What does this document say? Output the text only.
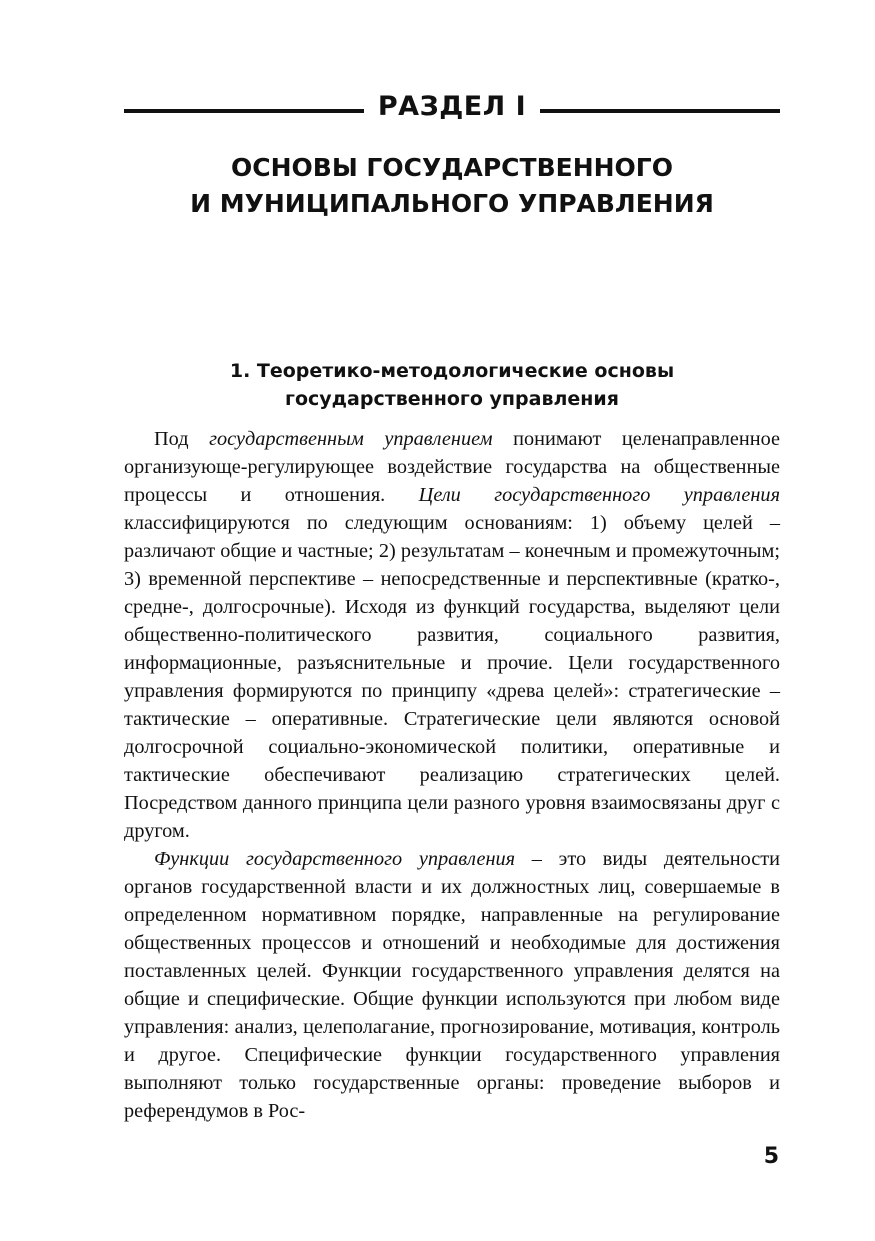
РАЗДЕЛ I
ОСНОВЫ ГОСУДАРСТВЕННОГО
И МУНИЦИПАЛЬНОГО УПРАВЛЕНИЯ
1. Теоретико-методологические основы
государственного управления

Под государственным управлением понимают целенаправленное организующе-регулирующее воздействие государства на общественные процессы и отношения. Цели государственного управления классифицируются по следующим основаниям: 1) объему целей – различают общие и частные; 2) результатам – конечным и промежуточным; 3) временной перспективе – непосредственные и перспективные (кратко-, средне-, долгосрочные). Исходя из функций государства, выделяют цели общественно-политического развития, социального развития, информационные, разъяснительные и прочие. Цели государственного управления формируются по принципу «древа целей»: стратегические – тактические – оперативные. Стратегические цели являются основой долгосрочной социально-экономической политики, оперативные и тактические обеспечивают реализацию стратегических целей. Посредством данного принципа цели разного уровня взаимосвязаны друг с другом.

Функции государственного управления – это виды деятельности органов государственной власти и их должностных лиц, совершаемые в определенном нормативном порядке, направленные на регулирование общественных процессов и отношений и необходимые для достижения поставленных целей. Функции государственного управления делятся на общие и специфические. Общие функции используются при любом виде управления: анализ, целеполагание, прогнозирование, мотивация, контроль и другое. Специфические функции государственного управления выполняют только государственные органы: проведение выборов и референдумов в Рос-

5
